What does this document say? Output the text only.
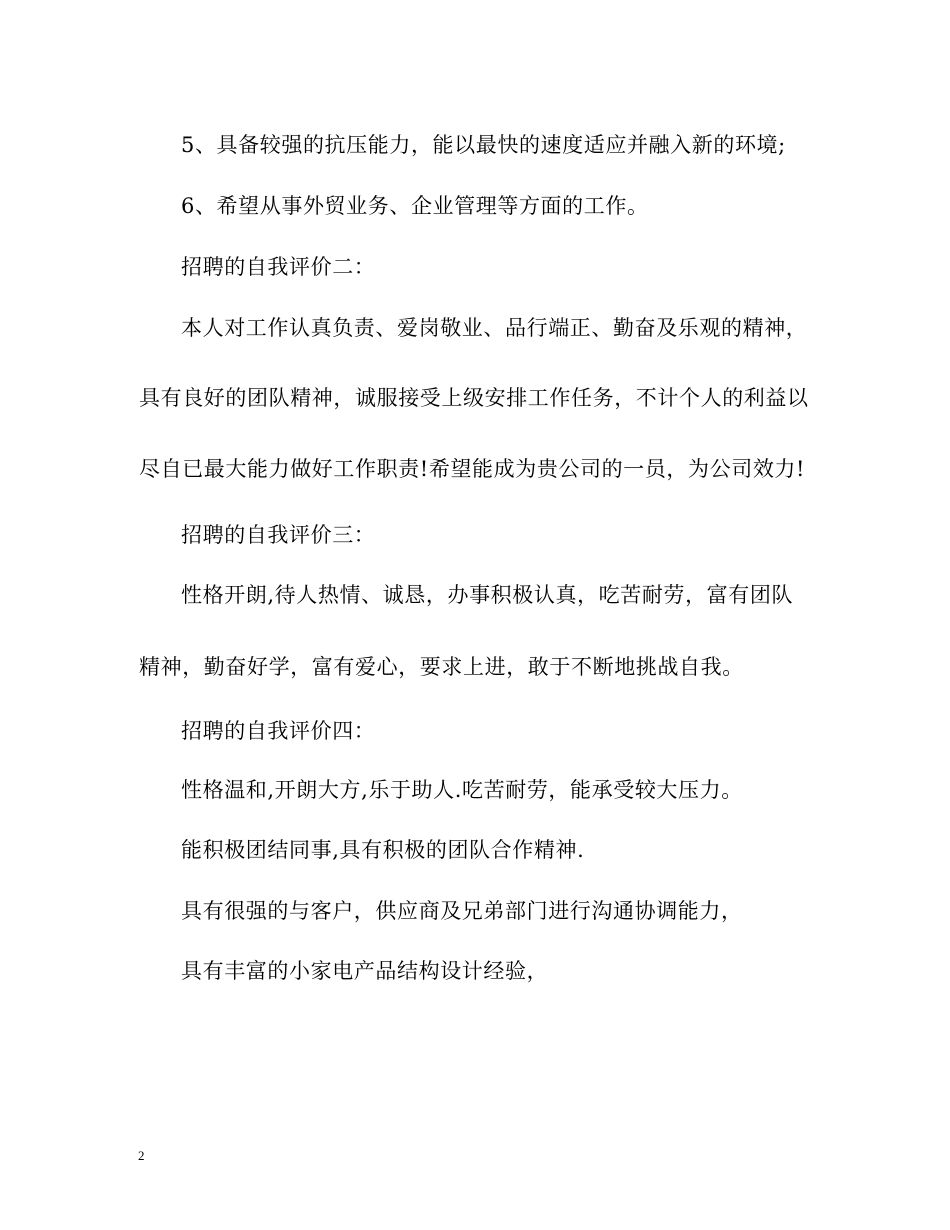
5、具备较强的抗压能力，能以最快的速度适应并融入新的环境;
6、希望从事外贸业务、企业管理等方面的工作。
招聘的自我评价二：
本人对工作认真负责、爱岗敬业、品行端正、勤奋及乐观的精神，
具有良好的团队精神，诚服接受上级安排工作任务，不计个人的利益以
尽自已最大能力做好工作职责!希望能成为贵公司的一员，为公司效力!
招聘的自我评价三：
性格开朗,待人热情、诚恳，办事积极认真，吃苦耐劳，富有团队
精神，勤奋好学，富有爱心，要求上进，敢于不断地挑战自我。
招聘的自我评价四：
性格温和,开朗大方,乐于助人.吃苦耐劳，能承受较大压力。
能积极团结同事,具有积极的团队合作精神.
具有很强的与客户，供应商及兄弟部门进行沟通协调能力，
具有丰富的小家电产品结构设计经验，
2
